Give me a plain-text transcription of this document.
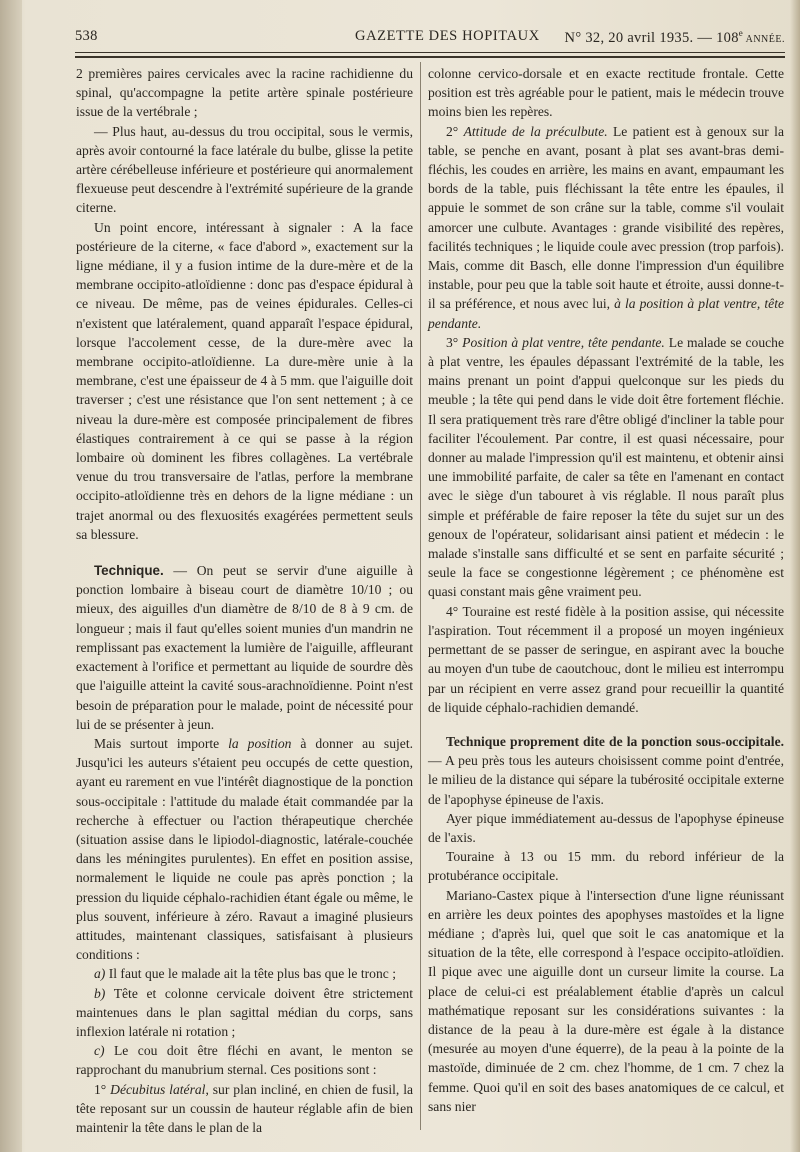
538	GAZETTE DES HOPITAUX N° 32, 20 avril 1935. — 108e ANNÉE.

2 premières paires cervicales avec la racine rachidienne du spinal, qu'accompagne la petite artère spinale postérieure issue de la vertébrale ;

— Plus haut, au-dessus du trou occipital, sous le vermis, après avoir contourné la face latérale du bulbe, glisse la petite artère cérébelleuse inférieure et postérieure qui anormalement flexueuse peut descendre à l'extrémité supérieure de la grande citerne.

Un point encore, intéressant à signaler : A la face postérieure de la citerne, « face d'abord », exactement sur la ligne médiane, il y a fusion intime de la dure-mère et de la membrane occipito-atloïdienne : donc pas d'espace épidural à ce niveau. De même, pas de veines épidurales. Celles-ci n'existent que latéralement, quand apparaît l'espace épidural, lorsque l'accolement cesse, de la dure-mère avec la membrane occipito-atloïdienne. La dure-mère unie à la membrane, c'est une épaisseur de 4 à 5 mm. que l'aiguille doit traverser ; c'est une résistance que l'on sent nettement ; à ce niveau la dure-mère est composée principalement de fibres élastiques contrairement à ce qui se passe à la région lombaire où dominent les fibres collagènes. La vertébrale venue du trou transversaire de l'atlas, perfore la membrane occipito-atloïdienne très en dehors de la ligne médiane : un trajet anormal ou des flexuosités exagérées permettent seuls sa blessure.

Technique. — On peut se servir d'une aiguille à ponction lombaire à biseau court de diamètre 10/10 ; ou mieux, des aiguilles d'un diamètre de 8/10 de 8 à 9 cm. de longueur ; mais il faut qu'elles soient munies d'un mandrin ne remplissant pas exactement la lumière de l'aiguille, affleurant exactement à l'orifice et permettant au liquide de sourdre dès que l'aiguille atteint la cavité sous-arachnoïdienne. Point n'est besoin de préparation pour le malade, point de nécessité pour lui de se présenter à jeun.

Mais surtout importe la position à donner au sujet. Jusqu'ici les auteurs s'étaient peu occupés de cette question, ayant eu rarement en vue l'intérêt diagnostique de la ponction sous-occipitale : l'attitude du malade était commandée par la recherche à effectuer ou l'action thérapeutique cherchée (situation assise dans le lipiodol-diagnostic, latérale-couchée dans les méningites purulentes). En effet en position assise, normalement le liquide ne coule pas après ponction ; la pression du liquide céphalo-rachidien étant égale ou même, le plus souvent, inférieure à zéro. Ravaut a imaginé plusieurs attitudes, maintenant classiques, satisfaisant à plusieurs conditions :

a) Il faut que le malade ait la tête plus bas que le tronc ;

b) Tête et colonne cervicale doivent être strictement maintenues dans le plan sagittal médian du corps, sans inflexion latérale ni rotation ;

c) Le cou doit être fléchi en avant, le menton se rapprochant du manubrium sternal. Ces positions sont :

1° Décubitus latéral, sur plan incliné, en chien de fusil, la tête reposant sur un coussin de hauteur réglable afin de bien maintenir la tête dans le plan de la

colonne cervico-dorsale et en exacte rectitude frontale. Cette position est très agréable pour le patient, mais le médecin trouve moins bien les repères.

2° Attitude de la préculbute. Le patient est à genoux sur la table, se penche en avant, posant à plat ses avant-bras demi-fléchis, les coudes en arrière, les mains en avant, empaumant les bords de la table, puis fléchissant la tête entre les épaules, il appuie le sommet de son crâne sur la table, comme s'il voulait amorcer une culbute. Avantages : grande visibilité des repères, facilités techniques ; le liquide coule avec pression (trop parfois). Mais, comme dit Basch, elle donne l'impression d'un équilibre instable, pour peu que la table soit haute et étroite, aussi donne-t-il sa préférence, et nous avec lui, à la position à plat ventre, tête pendante.

3° Position à plat ventre, tête pendante. Le malade se couche à plat ventre, les épaules dépassant l'extrémité de la table, les mains prenant un point d'appui quelconque sur les pieds du meuble ; la tête qui pend dans le vide doit être fortement fléchie. Il sera pratiquement très rare d'être obligé d'incliner la table pour faciliter l'écoulement. Par contre, il est quasi nécessaire, pour donner au malade l'impression qu'il est maintenu, et obtenir ainsi une immobilité parfaite, de caler sa tête en l'amenant en contact avec le siège d'un tabouret à vis réglable. Il nous paraît plus simple et préférable de faire reposer la tête du sujet sur un des genoux de l'opérateur, solidarisant ainsi patient et médecin : le malade s'installe sans difficulté et se sent en parfaite sécurité ; seule la face se congestionne légèrement ; ce phénomène est quasi constant mais gêne vraiment peu.

4° Touraine est resté fidèle à la position assise, qui nécessite l'aspiration. Tout récemment il a proposé un moyen ingénieux permettant de se passer de seringue, en aspirant avec la bouche au moyen d'un tube de caoutchouc, dont le milieu est interrompu par un récipient en verre assez grand pour recueillir la quantité de liquide céphalo-rachidien demandé.

Technique proprement dite de la ponction sous-occipitale. — A peu près tous les auteurs choisissent comme point d'entrée, le milieu de la distance qui sépare la tubérosité occipitale externe de l'apophyse épineuse de l'axis.

Ayer pique immédiatement au-dessus de l'apophyse épineuse de l'axis.

Touraine à 13 ou 15 mm. du rebord inférieur de la protubérance occipitale.

Mariano-Castex pique à l'intersection d'une ligne réunissant en arrière les deux pointes des apophyses mastoïdes et la ligne médiane ; d'après lui, quel que soit le cas anatomique et la situation de la tête, elle correspond à l'espace occipito-atloïdien. Il pique avec une aiguille dont un curseur limite la course. La place de celui-ci est préalablement établie d'après un calcul mathématique reposant sur les considérations suivantes : la distance de la peau à la dure-mère est égale à la distance (mesurée au moyen d'une équerre), de la peau à la pointe de la mastoïde, diminuée de 2 cm. chez l'homme, de 1 cm. 7 chez la femme. Quoi qu'il en soit des bases anatomiques de ce calcul, et sans nier
